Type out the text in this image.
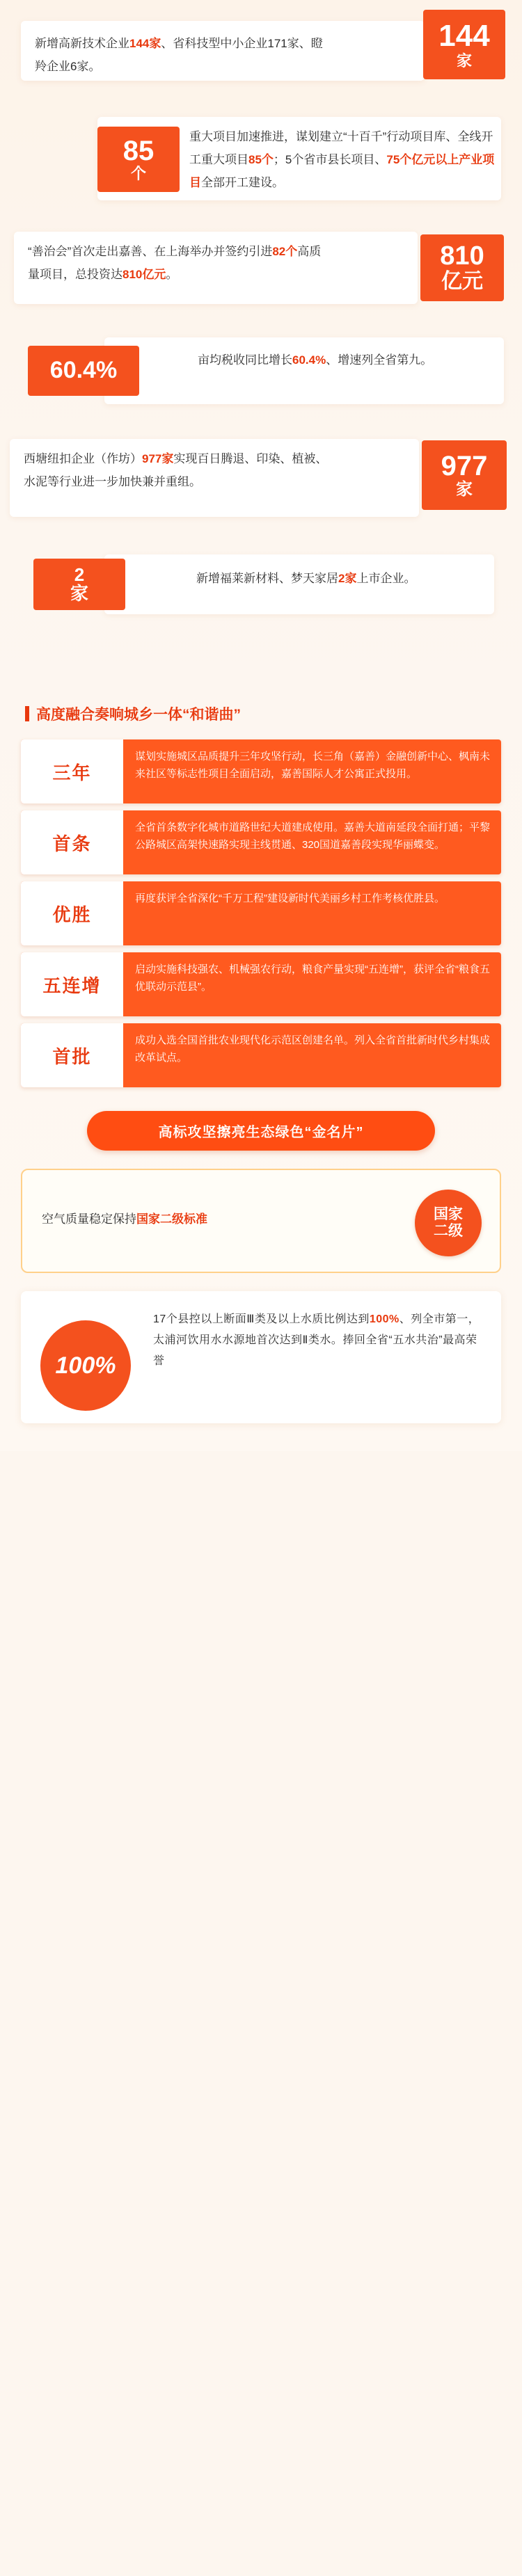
新增高新技术企业144家、省科技型中小企业171家、瞪羚企业6家。
144
家
重大项目加速推进，谋划建立“十百千”行动项目库、全线开工重大项目85个；5个省市县长项目、75个亿元以上产业项目全部开工建设。
85
个
“善治会”首次走出嘉善、在上海举办并签约引进82个高质量项目，总投资达810亿元。
810
亿元
亩均税收同比增长60.4%、增速列全省第九。
60.4%
西塘纽扣企业（作坊）977家实现百日腾退、印染、植被、水泥等行业进一步加快兼并重组。
977
家
新增福莱新材料、梦天家居2家上市企业。
2
家
高度融合奏响城乡一体“和谐曲”
三年
谋划实施城区品质提升三年攻坚行动，长三角（嘉善）金融创新中心、枫南未来社区等标志性项目全面启动，嘉善国际人才公寓正式投用。
首条
全省首条数字化城市道路世纪大道建成使用。嘉善大道南延段全面打通；平黎公路城区高架快速路实现主线贯通、320国道嘉善段实现华丽蝶变。
优胜
再度获评全省深化“千万工程”建设新时代美丽乡村工作考核优胜县。
五连增
启动实施科技强农、机械强农行动，粮食产量实现“五连增”，获评全省“粮食五优联动示范县”。
首批
成功入选全国首批农业现代化示范区创建名单。列入全省首批新时代乡村集成改革试点。
高标攻坚擦亮生态绿色“金名片”
空气质量稳定保持国家二级标准	国家
二级
100%
17个县控以上断面Ⅲ类及以上水质比例达到100%、列全市第一，太浦河饮用水水源地首次达到Ⅱ类水。捧回全省“五水共治”最高荣誉
